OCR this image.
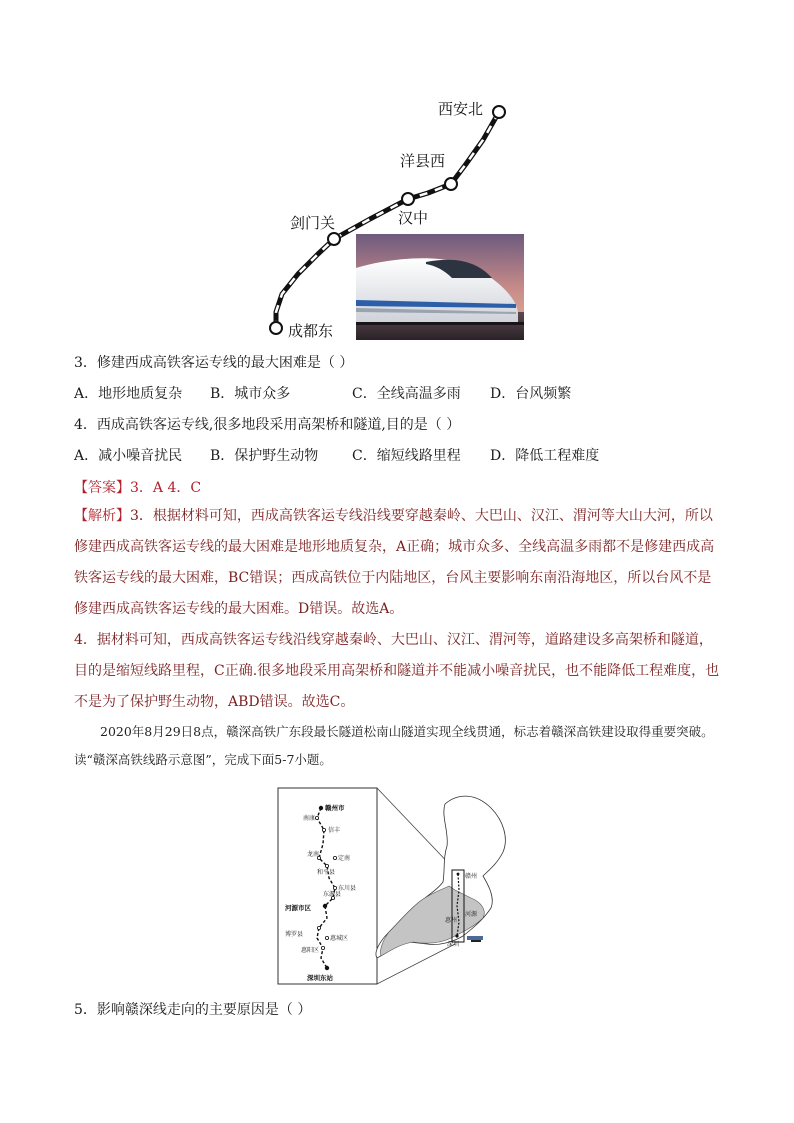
西安北
洋县西
汉中
剑门关
成都东
3．修建西成高铁客运专线的最大困难是（ ）
A．地形地质复杂 B．城市众多	C．全线高温多雨 D．台风频繁
4．西成高铁客运专线,很多地段采用高架桥和隧道,目的是（ ）
A．减小噪音扰民 B．保护野生动物 C．缩短线路里程 D．降低工程难度
【答案】3．A 4．C
【解析】3．根据材料可知，西成高铁客运专线沿线要穿越秦岭、大巴山、汉江、渭河等大山大河，所以修建西成高铁客运专线的最大困难是地形地质复杂，A正确；城市众多、全线高温多雨都不是修建西成高铁客运专线的最大困难，BC错误；西成高铁位于内陆地区，台风主要影响东南沿海地区，所以台风不是修建西成高铁客运专线的最大困难。D错误。故选A。
4．据材料可知，西成高铁客运专线沿线穿越秦岭、大巴山、汉江、渭河等，道路建设多高架桥和隧道，目的是缩短线路里程，C正确.很多地段采用高架桥和隧道并不能减小噪音扰民，也不能降低工程难度，也不是为了保护野生动物，ABD错误。故选C。
2020年8月29日8点，赣深高铁广东段最长隧道松南山隧道实现全线贯通，标志着赣深高铁建设取得重要突破。读“赣深高铁线路示意图”，完成下面5-7小题。
赣州市
南康
信丰
龙南
定南
和平县
东源县
东川县
河源市区
博罗县
惠城区
惠阳区
深圳东站
赣州
河源
惠州
深圳
5．影响赣深线走向的主要原因是（ ）
